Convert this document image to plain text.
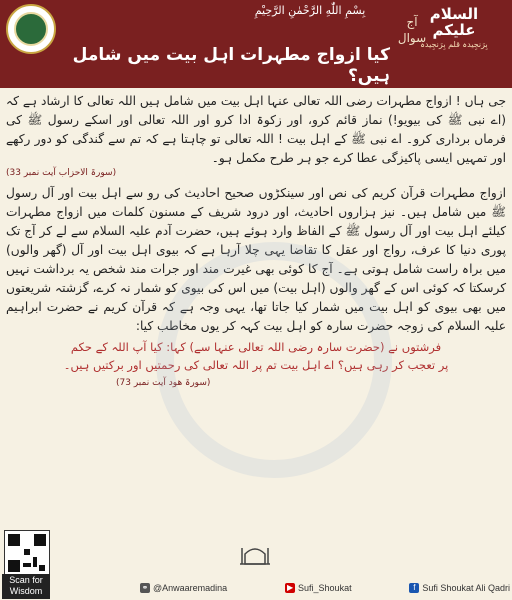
بِسْمِ اللّٰهِ الرَّحْمٰنِ الرَّحِیْمِ
آج
سوال
کیا ازواج مطہرات اہل بیت میں شامل ہیں؟
السلام
علیکم
بِرَنجِیدہ قلم بِرَنجِیدہ

جی ہاں ! ازواج مطہرات رضی اللہ تعالی عنہا اہل بیت میں شامل ہیں اللہ تعالی کا ارشاد ہے کہ (اے نبی ﷺ کی بیویو!) نماز قائم کرو، اور زکوۃ ادا کرو اور اللہ تعالی اور اسکے رسول ﷺ کی فرماں برداری کرو۔ اے نبی ﷺ کے اہل بیت ! اللہ تعالی تو چاہتا ہے کہ تم سے گندگی کو دور رکھے اور تمہیں ایسی پاکیزگی عطا کرے جو ہر طرح مکمل ہو۔

(سورۃ الاحزاب آیت نمبر 33)

ازواج مطہرات قرآن کریم کی نص اور سینکڑوں صحیح احادیث کی رو سے اہل بیت اور آل رسول ﷺ میں شامل ہیں۔ نیز ہزاروں احادیث، اور درود شریف کے مسنون کلمات میں ازواج مطہرات کیلئے اہل بیت اور آل رسول ﷺ کے الفاظ وارد ہوئے ہیں، حضرت آدم علیہ السلام سے لے کر آج تک پوری دنیا کا عرف، رواج اور عقل کا تقاضا یہی چلا آرہا ہے کہ بیوی اہل بیت اور آل (گھر والوں) میں براہ راست شامل ہوتی ہے۔ آج کا کوئی بھی غیرت مند اور جرات مند شخص یہ برداشت نہیں کرسکتا کہ کوئی اس کے گھر والوں (اہل بیت) میں اس کی بیوی کو شمار نہ کرے، گزشتہ شریعتوں میں بھی بیوی کو اہل بیت میں شمار کیا جاتا تھا، یہی وجہ ہے کہ قرآن کریم نے حضرت ابراہیم علیہ السلام کی زوجہ حضرت سارہ کو اہل بیت کہہ کر یوں مخاطب کیا:

فرشتوں نے (حضرت سارہ رضی اللہ تعالی عنہا سے) کہا: کیا آپ اللہ کے حکم
پر تعجب کر رہی ہیں؟ اے اہل بیت تم پر اللہ تعالی کی رحمتیں اور برکتیں ہیں۔
(سورۃ ھود آیت نمبر 73)
Scan for
Wisdom	⚭ @Anwaaremadina	▶ Sufi_Shoukat	f Sufi Shoukat Ali Qadri
